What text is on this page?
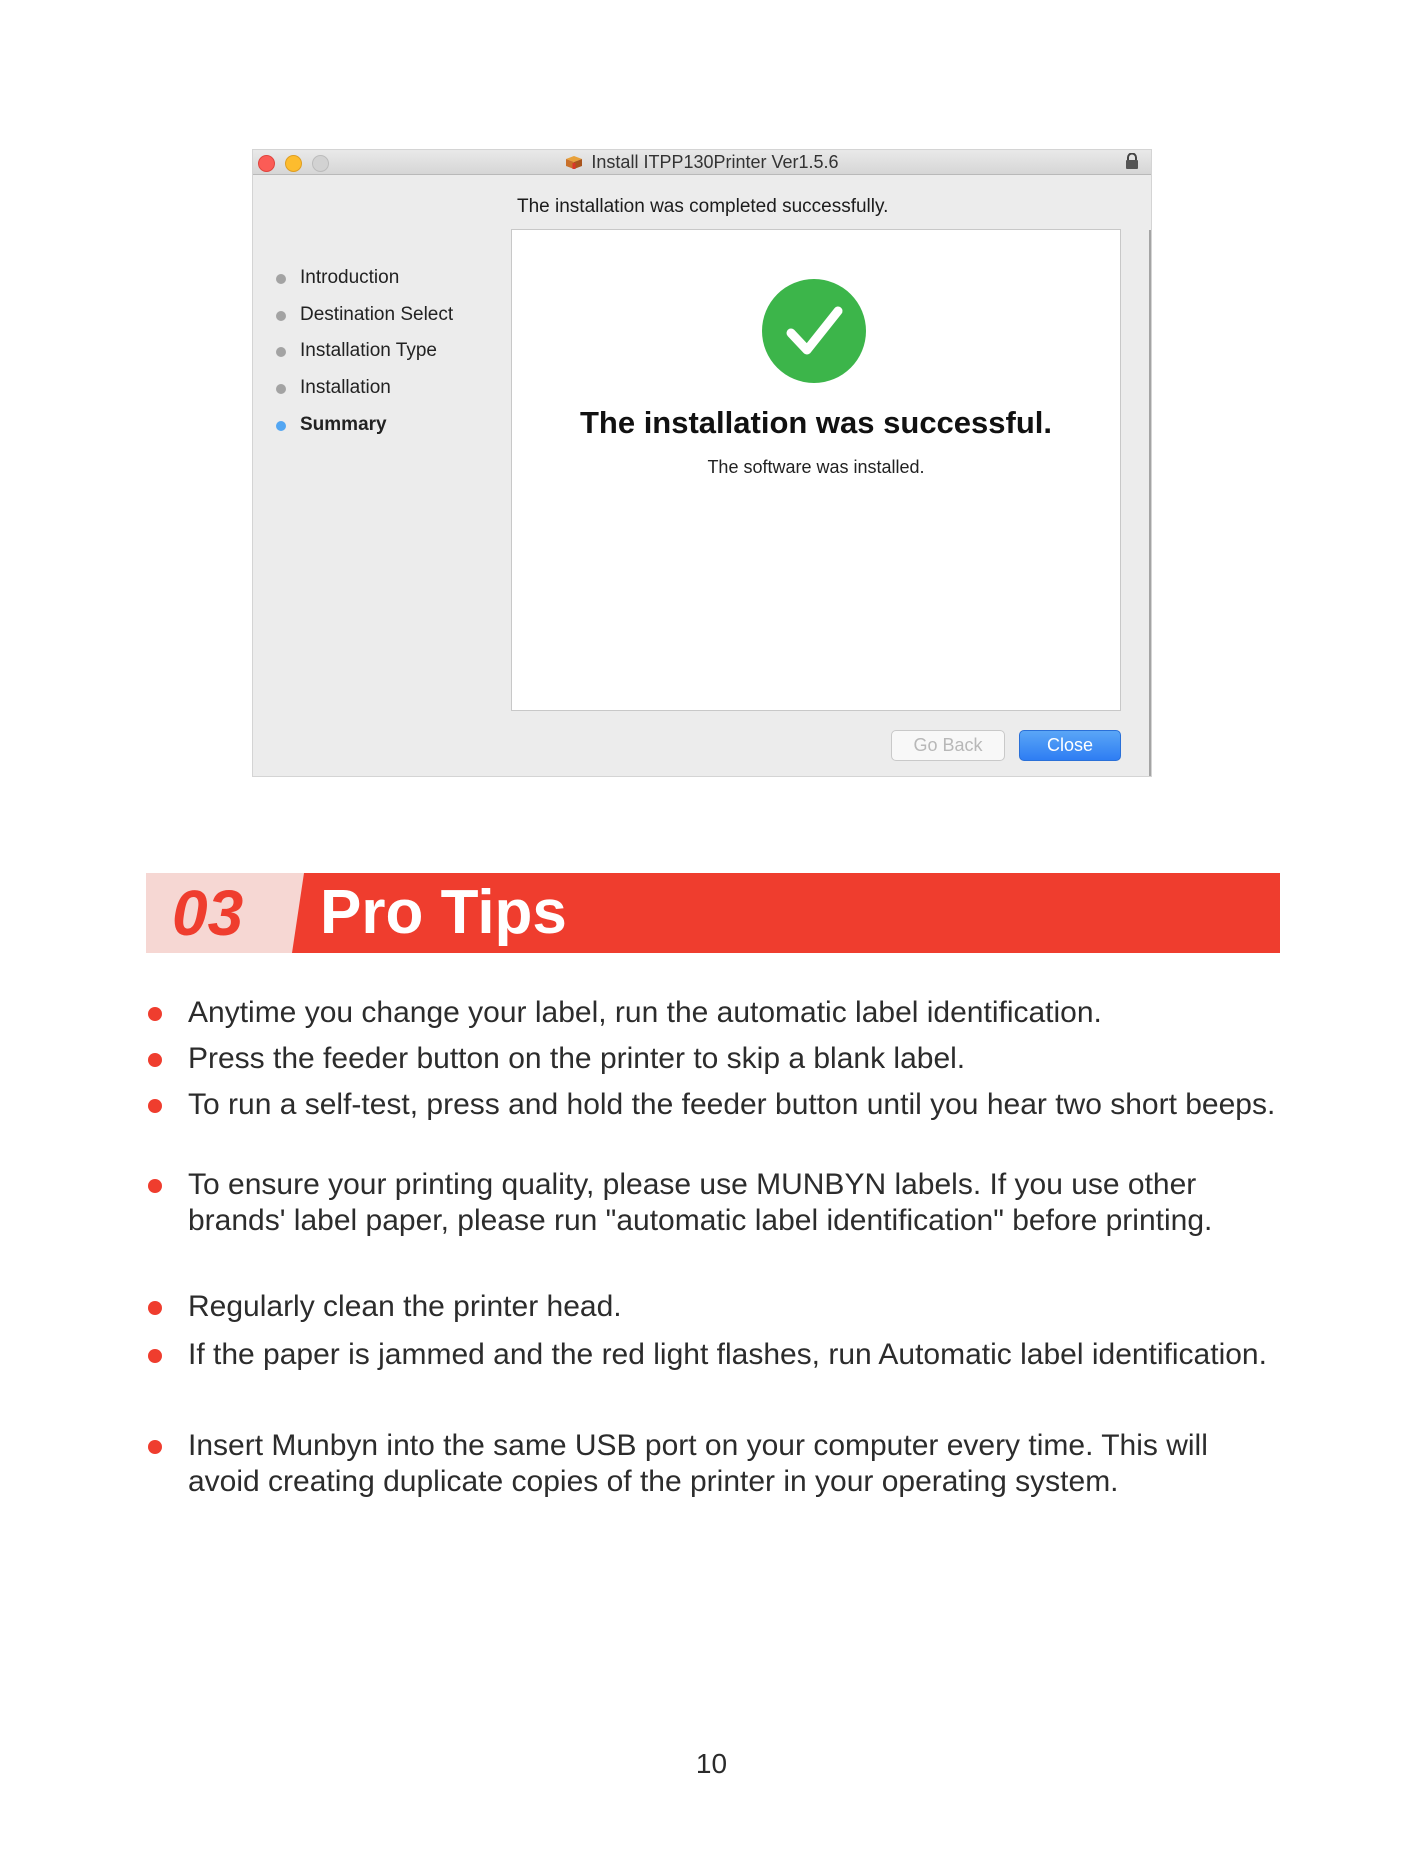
Install ITPP130Printer Ver1.5.6
The installation was completed successfully.
Introduction
Destination Select
Installation Type
Installation
Summary	The installation was successful.
The software was installed.
Go Back	Close
03 Pro Tips
Anytime you change your label, run the automatic label identification.
Press the feeder button on the printer to skip a blank label.
To run a self-test, press and hold the feeder button until you hear two short beeps.
To ensure your printing quality, please use MUNBYN labels. If you use other brands' label paper, please run "automatic label identification" before printing.
Regularly clean the printer head.
If the paper is jammed and the red light flashes, run Automatic label identification.
Insert Munbyn into the same USB port on your computer every time. This will avoid creating duplicate copies of the printer in your operating system.
10
